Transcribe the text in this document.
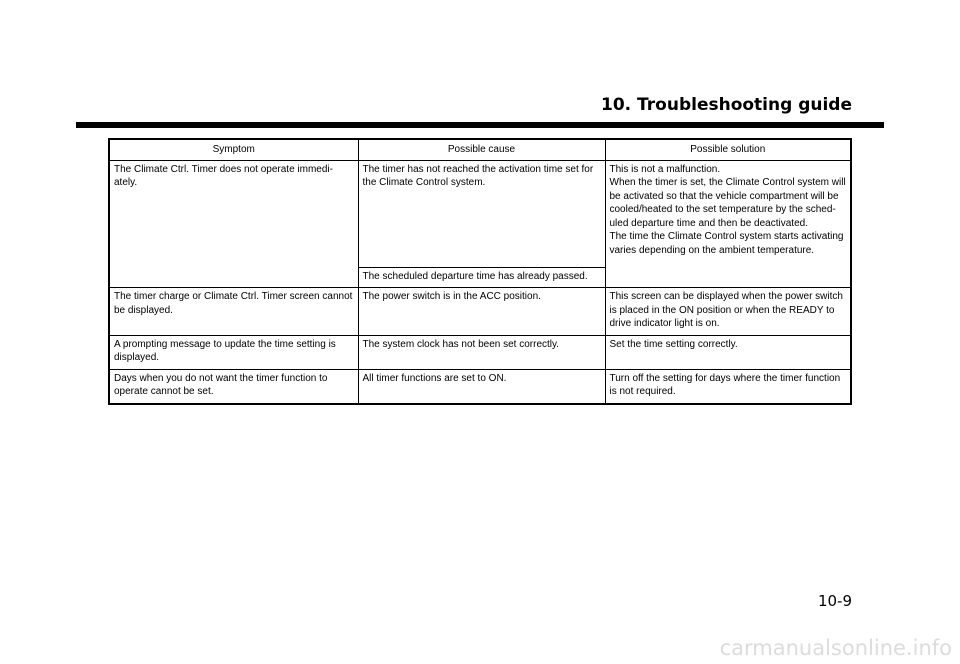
10. Troubleshooting guide
Symptom	Possible cause	Possible solution
The Climate Ctrl. Timer does not operate immedi- ately.	The timer has not reached the activation time set for the Climate Control system.	This is not a malfunction.
When the timer is set, the Climate Control system will be activated so that the vehicle compartment will be cooled/heated to the set temperature by the sched- uled departure time and then be deactivated.
The time the Climate Control system starts activating varies depending on the ambient temperature.
	The scheduled departure time has already passed.	
The timer charge or Climate Ctrl. Timer screen cannot be displayed.	The power switch is in the ACC position.	This screen can be displayed when the power switch is placed in the ON position or when the READY to drive indicator light is on.
A prompting message to update the time setting is displayed.	The system clock has not been set correctly.	Set the time setting correctly.
Days when you do not want the timer function to operate cannot be set.	All timer functions are set to ON.	Turn off the setting for days where the timer function is not required.

10-9

carmanualsonline.info
